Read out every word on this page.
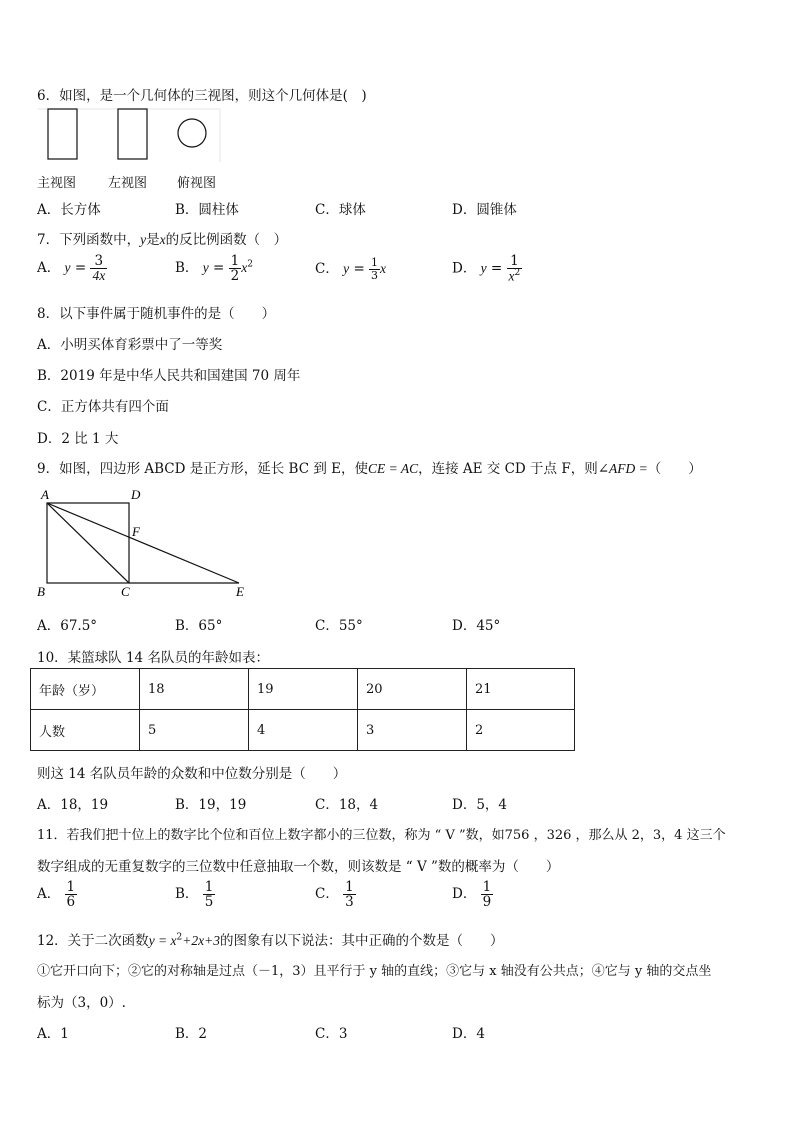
6．如图，是一个几何体的三视图，则这个几何体是(　)
主视图 左视图 俯视图
A．长方体	B．圆柱体	C．球体	D．圆锥体
7．下列函数中，y是x的反比例函数（　）
A． $y = \frac{3}{4x}$	B． $y = \frac{1}{2} x^2$	C． $y = \frac{1}{3}$ x	D． $y = \frac{1}{x^2}$
8．以下事件属于随机事件的是（　　）
A．小明买体育彩票中了一等奖
B．2019 年是中华人民共和国建国 70 周年
C．正方体共有四个面
D．2 比 1 大
9．如图，四边形 ABCD 是正方形，延长 BC 到 E，使CE = AC，连接 AE 交 CD 于点 F，则∠AFD =（　　）
A	D
F
B	C	E
A．67.5°	B．65°	C．55°	D．45°
10．某篮球队 14 名队员的年龄如表：
年龄（岁）	18	19	20	21
人数	5	4	3	2
则这 14 名队员年龄的众数和中位数分别是（　　）
A．18，19	B．19，19	C．18，4	D．5，4
11．若我们把十位上的数字比个位和百位上数字都小的三位数，称为 “ V ”数，如756 ，326 ，那么从 2，3，4 这三个
数字组成的无重复数字的三位数中任意抽取一个数，则该数是 “ V ”数的概率为（　　）
A． $\frac{1}{6}$	B． $\frac{1}{5}$	C． $\frac{1}{3}$	D． $\frac{1}{9}$
12．关于二次函数$y = x^2+2x+3$的图象有以下说法：其中正确的个数是（　　）
①它开口向下；②它的对称轴是过点（－1，3）且平行于 y 轴的直线；③它与 x 轴没有公共点；④它与 y 轴的交点坐
标为（3，0）.
A．1	B．2	C．3	D．4
